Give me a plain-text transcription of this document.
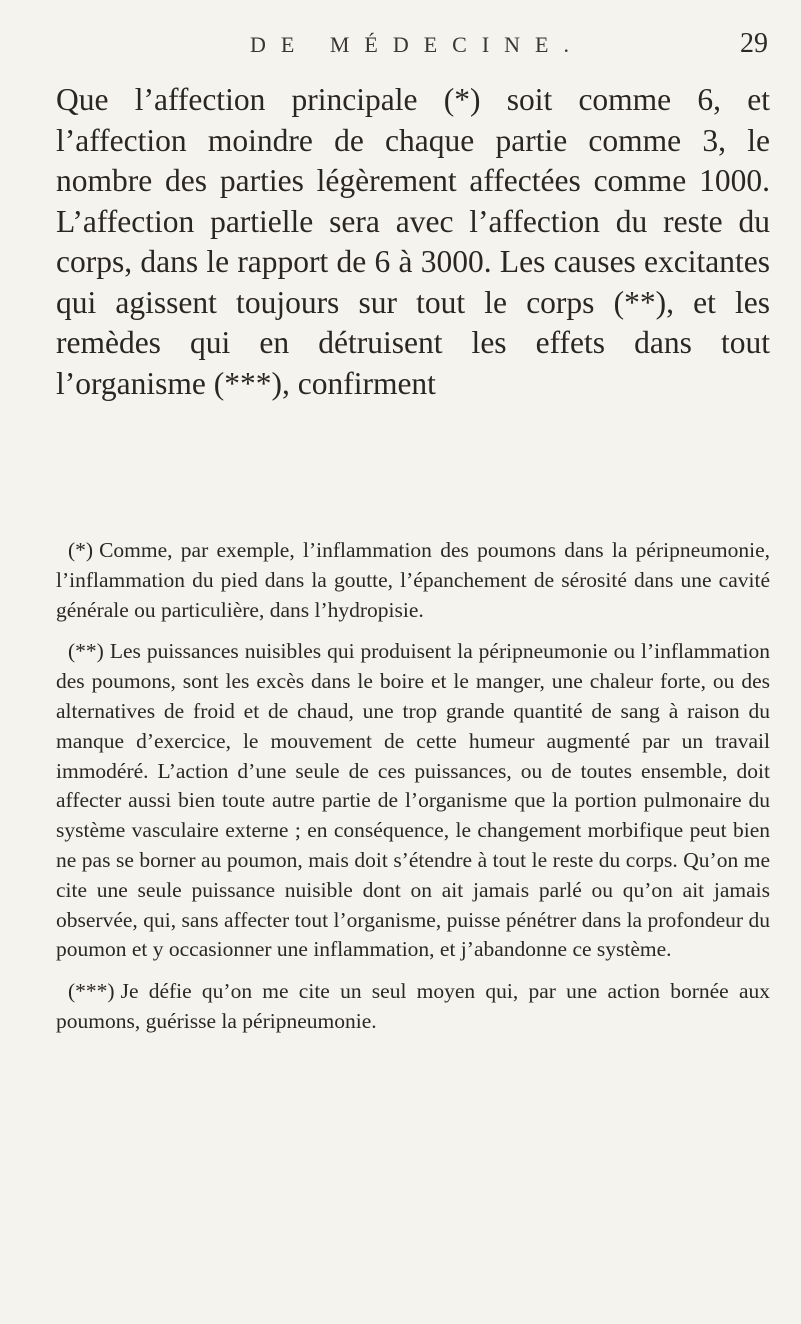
DE MÉDECINE.	29

Que l’affection principale (*) soit comme 6, et l’affection moindre de chaque partie comme 3, le nombre des parties légèrement affectées comme 1000. L’affection partielle sera avec l’affection du reste du corps, dans le rapport de 6 à 3000. Les causes excitantes qui agissent toujours sur tout le corps (**), et les remèdes qui en détruisent les effets dans tout l’organisme (***), confirment

(*) Comme, par exemple, l’inflammation des poumons dans la péripneumonie, l’inflammation du pied dans la goutte, l’épanchement de sérosité dans une cavité générale ou particulière, dans l’hydropisie.

(**) Les puissances nuisibles qui produisent la péripneumonie ou l’inflammation des poumons, sont les excès dans le boire et le manger, une chaleur forte, ou des alternatives de froid et de chaud, une trop grande quantité de sang à raison du manque d’exercice, le mouvement de cette humeur augmenté par un travail immodéré. L’action d’une seule de ces puissances, ou de toutes ensemble, doit affecter aussi bien toute autre partie de l’organisme que la portion pulmonaire du système vasculaire externe ; en conséquence, le changement morbifique peut bien ne pas se borner au poumon, mais doit s’étendre à tout le reste du corps. Qu’on me cite une seule puissance nuisible dont on ait jamais parlé ou qu’on ait jamais observée, qui, sans affecter tout l’organisme, puisse pénétrer dans la profondeur du poumon et y occasionner une inflammation, et j’abandonne ce système.

(***) Je défie qu’on me cite un seul moyen qui, par une action bornée aux poumons, guérisse la péripneumonie.
